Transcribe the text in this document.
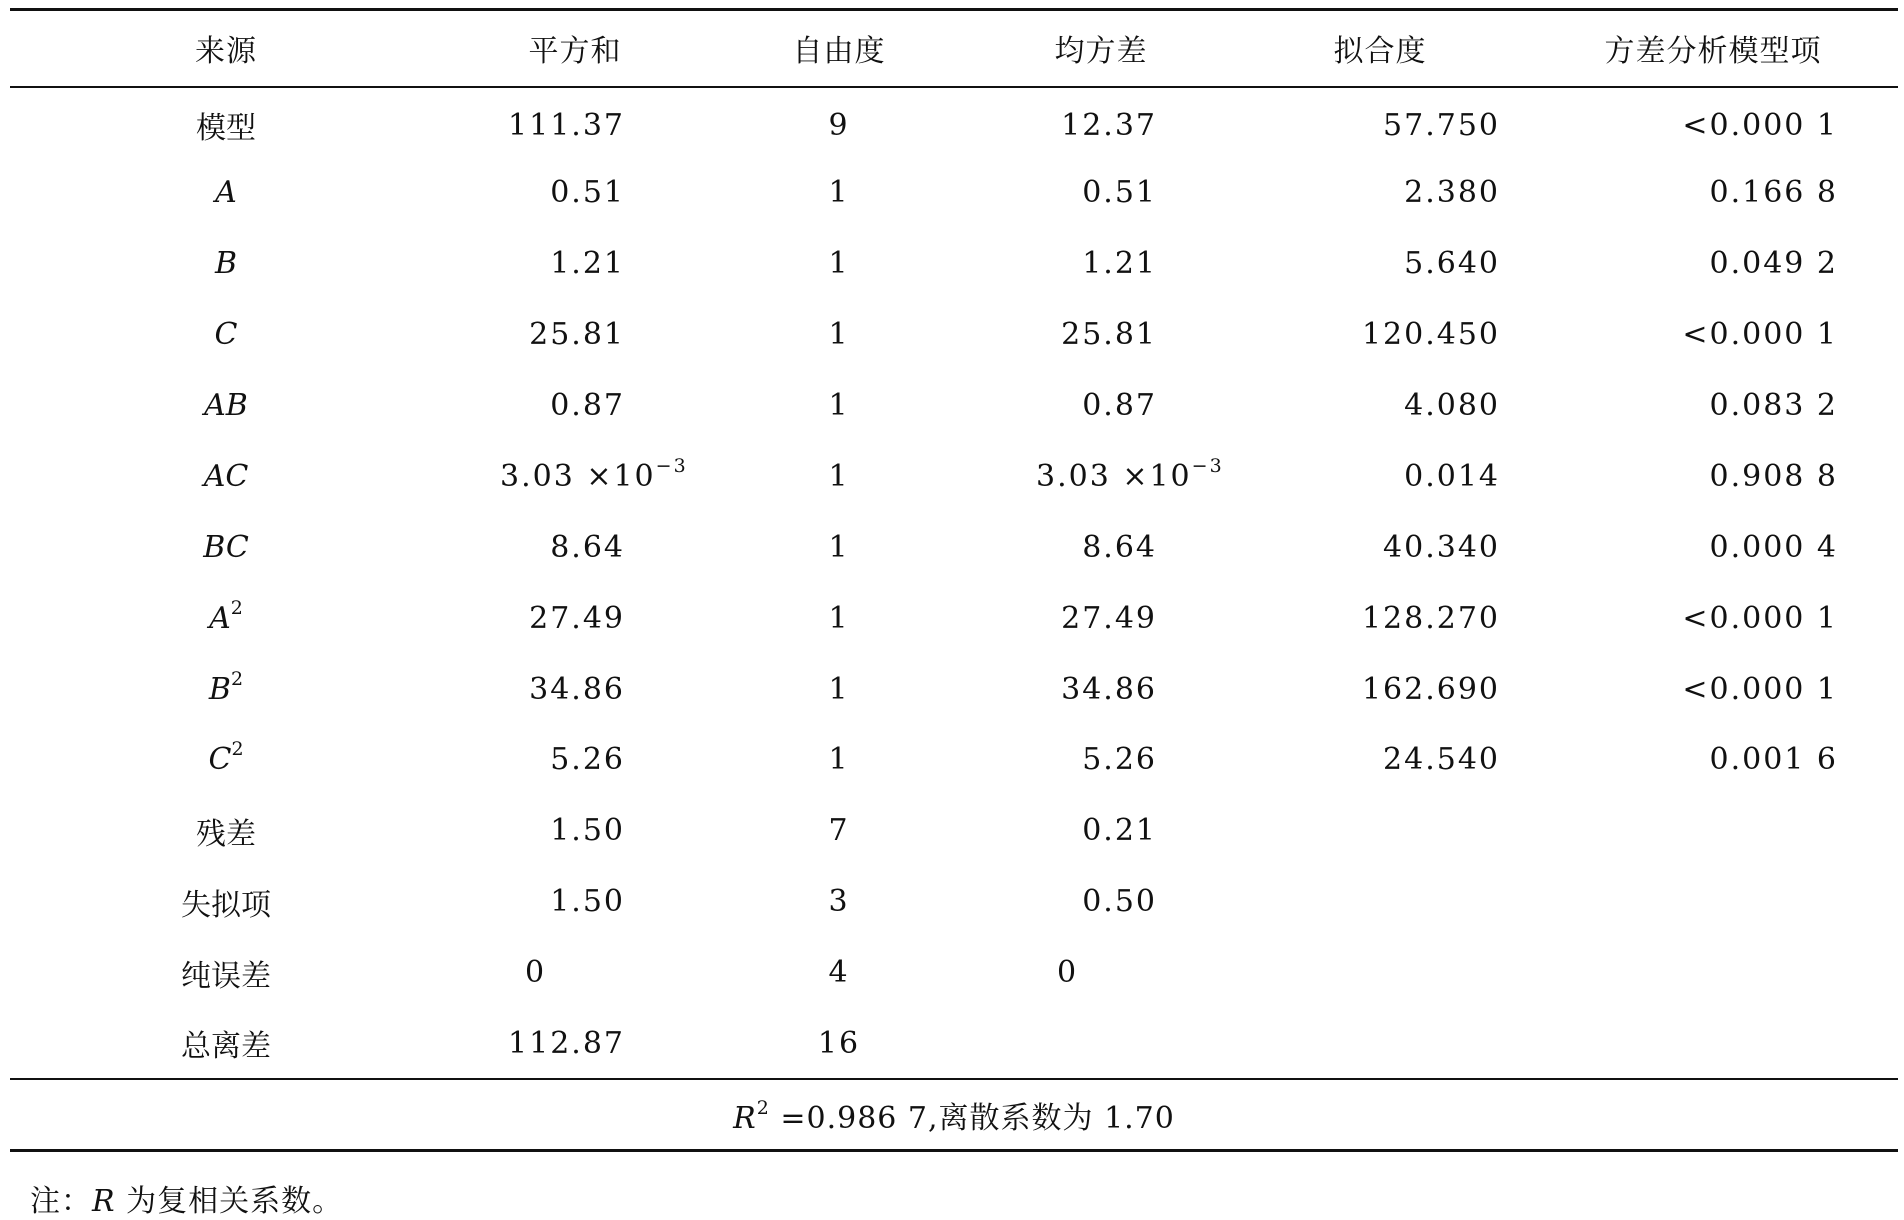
来源	平方和	自由度	均方差	拟合度	方差分析模型项
模型	111.37	9	12.37	57.750	<0.000 1
A	0.51	1	0.51	2.380	0.166 8
B	1.21	1	1.21	5.640	0.049 2
C	25.81	1	25.81	120.450	<0.000 1
AB	0.87	1	0.87	4.080	0.083 2
AC	$3.03 \times 10^{-3}$	1	$3.03 \times 10^{-3}$	0.014	0.908 8
BC	8.64	1	8.64	40.340	0.000 4
$A^2$	27.49	1	27.49	128.270	<0.000 1
$B^2$	34.86	1	34.86	162.690	<0.000 1
$C^2$	5.26	1	5.26	24.540	0.001 6
残差	1.50	7	0.21		
失拟项	1.50	3	0.50		
纯误差	0	4	0		
总离差	112.87	16			
$R^2 =0.986$ 7,离散系数为 1.70					
注：R 为复相关系数。
